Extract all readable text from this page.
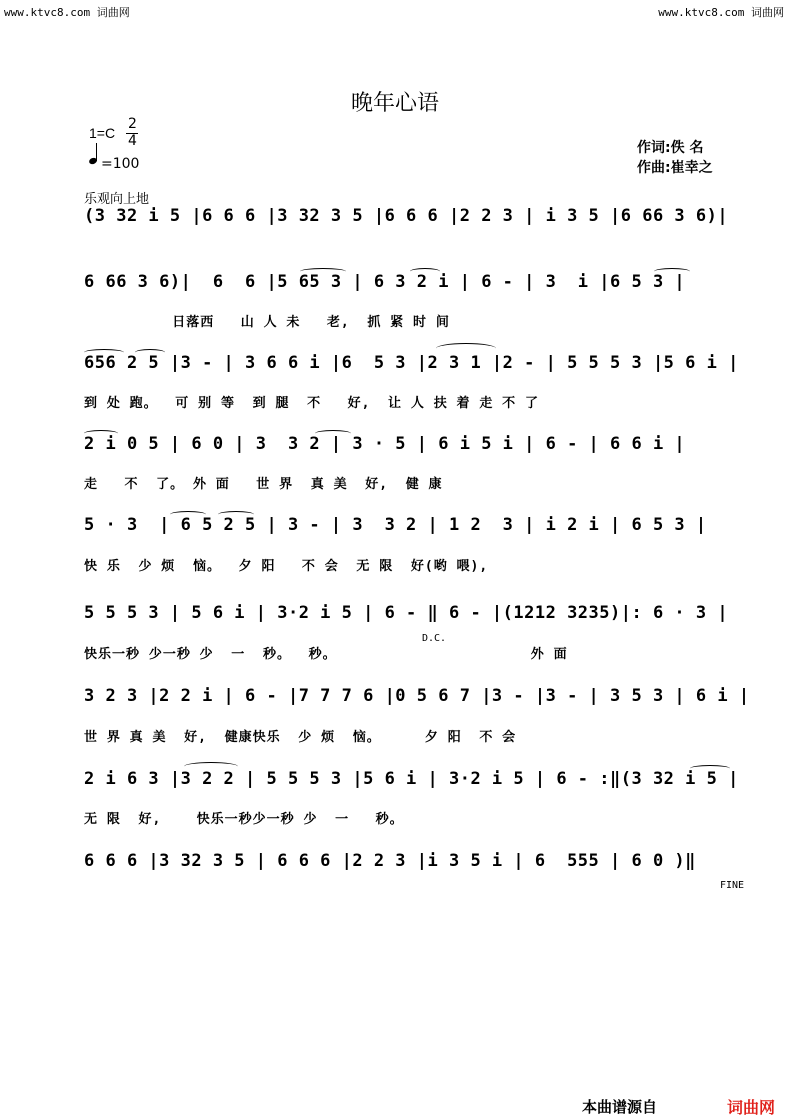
www.ktvc8.com 词曲网	www.ktvc8.com 词曲网
晚年心语
1=C
2
4
=100
作词:佚 名
作曲:崔幸之
乐观向上地
(3 32 i 5 |6 6 6 |3 32 3 5 |6 6 6 |2 2 3 | i 3 5 |6 66 3 6)|
6 66 3 6)|  6  6 |5 65 3 | 6 3 2 i | 6 - | 3  i |6 5 3 |
日落西   山 人 未   老,  抓 紧 时 间
656 2 5 |3 - | 3 6 6 i |6  5 3 |2 3 1 |2 - | 5 5 5 3 |5 6 i |
到 处 跑。  可 别 等  到 腿  不   好,  让 人 扶 着 走 不 了
2 i 0 5 | 6 0 | 3  3 2 | 3 · 5 | 6 i 5 i | 6 - | 6 6 i |
走   不  了。 外 面   世 界  真 美  好,  健 康
5 · 3  | 6 5 2 5 | 3 - | 3  3 2 | 1 2  3 | i 2 i | 6 5 3 |
快 乐  少 烦  恼。  夕 阳   不 会  无 限  好(哟 喂),
5 5 5 3 | 5 6 i | 3·2 i 5 | 6 - ‖ 6 - |(1212 3235)|: 6 · 3 |
D.C.
快乐一秒 少一秒 少  一  秒。  秒。                      外 面
3 2 3 |2 2 i | 6 - |7 7 7 6 |0 5 6 7 |3 - |3 - | 3 5 3 | 6 i |
世 界 真 美  好,  健康快乐  少 烦  恼。     夕 阳  不 会
2 i 6 3 |3 2 2 | 5 5 5 3 |5 6 i | 3·2 i 5 | 6 - :‖(3 32 i 5 |
无 限  好,    快乐一秒少一秒 少  一   秒。
6 6 6 |3 32 3 5 | 6 6 6 |2 2 3 |i 3 5 i | 6  555 | 6 0 )‖
FINE
本曲谱源自	词曲网
